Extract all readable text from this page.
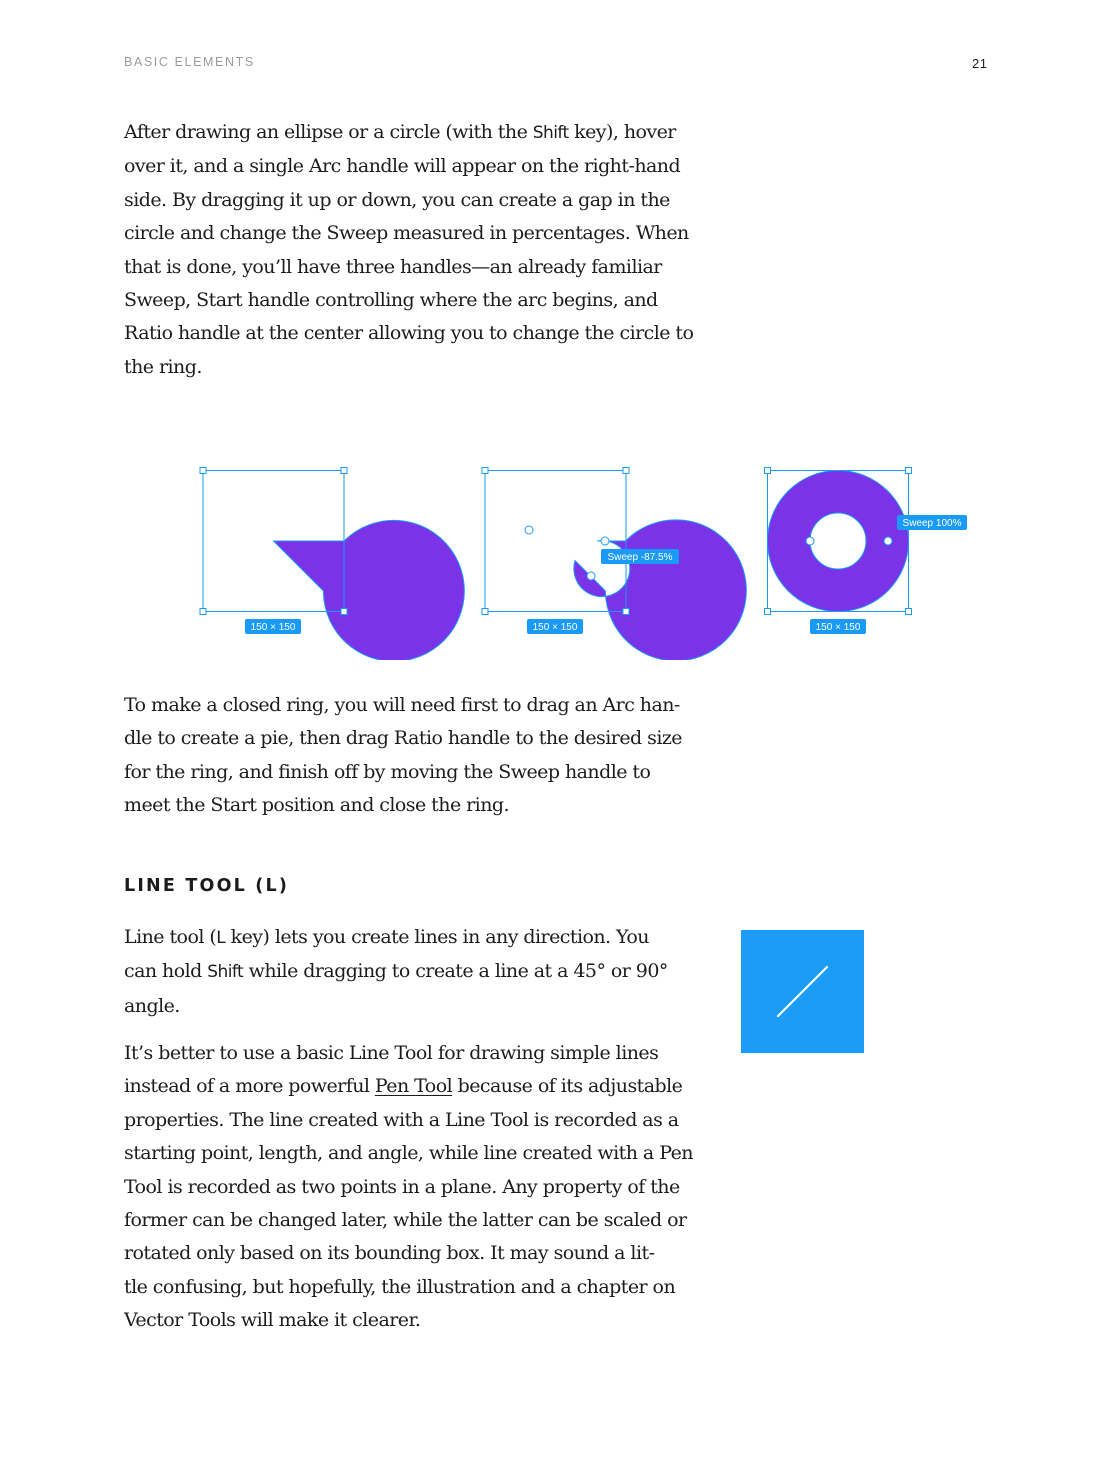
BASIC ELEMENTS	21

After drawing an ellipse or a circle (with the Shift key), hover
over it, and a single Arc handle will appear on the right-hand
side. By dragging it up or down, you can create a gap in the
circle and change the Sweep measured in percentages. When
that is done, you’ll have three handles—an already familiar
Sweep, Start handle controlling where the arc begins, and
Ratio handle at the center allowing you to change the circle to
the ring.

150 × 150
Sweep -87.5%
150 × 150
Sweep 100%
150 × 150

To make a closed ring, you will need first to drag an Arc han-
dle to create a pie, then drag Ratio handle to the desired size
for the ring, and finish off by moving the Sweep handle to
meet the Start position and close the ring.

LINE TOOL (L)

Line tool (L key) lets you create lines in any direction. You
can hold Shift while dragging to create a line at a 45° or 90°
angle.

It’s better to use a basic Line Tool for drawing simple lines
instead of a more powerful Pen Tool because of its adjustable
properties. The line created with a Line Tool is recorded as a
starting point, length, and angle, while line created with a Pen
Tool is recorded as two points in a plane. Any property of the
former can be changed later, while the latter can be scaled or
rotated only based on its bounding box. It may sound a lit-
tle confusing, but hopefully, the illustration and a chapter on
Vector Tools will make it clearer.
